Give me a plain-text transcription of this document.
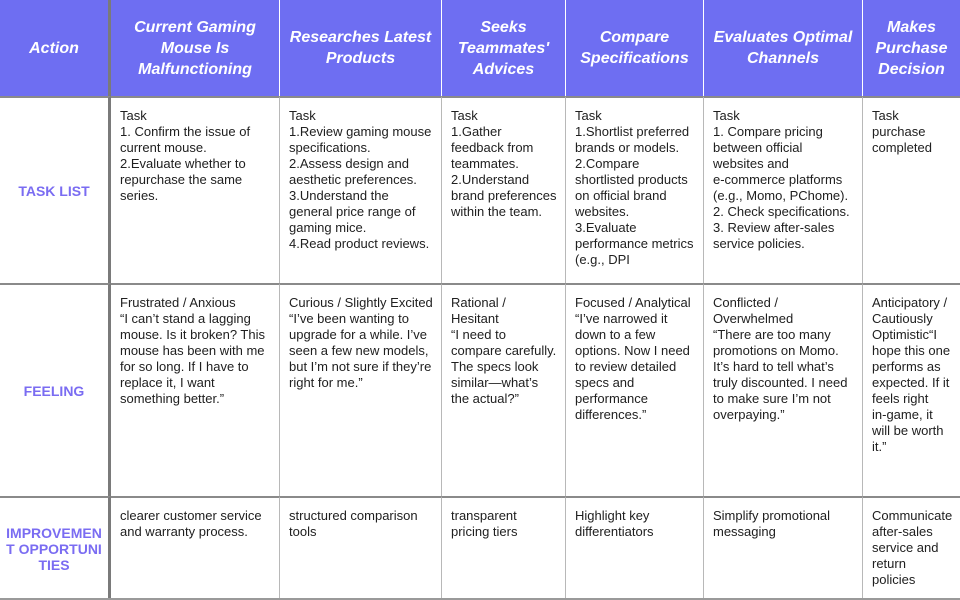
Action
Current Gaming
Mouse Is
Malfunctioning
Researches Latest
Products
Seeks
Teammates'
Advices
Compare
Specifications
Evaluates Optimal
Channels
Makes
Purchase
Decision
TASK LIST
Task
1. Confirm the issue of current mouse.
2.Evaluate whether to repurchase the same series.
Task
1.Review gaming mouse specifications.
2.Assess design and aesthetic preferences.
3.Understand the general price range of gaming mice.
4.Read product reviews.
Task
1.Gather feedback from teammates.
2.Understand brand preferences within the team.
Task
1.Shortlist preferred brands or models.
2.Compare shortlisted products on official brand websites.
3.Evaluate performance metrics (e.g., DPI
Task
1. Compare pricing between official websites and
e-commerce platforms (e.g., Momo, PChome).
2. Check specifications.
3. Review after-sales service policies.
Task
purchase completed
FEELING
Frustrated / Anxious
“I can’t stand a lagging mouse. Is it broken? This mouse has been with me for so long. If I have to replace it, I want something better.”
Curious / Slightly Excited
“I’ve been wanting to upgrade for a while. I’ve seen a few new models, but I’m not sure if they’re right for me.”
Rational / Hesitant
“I need to compare carefully. The specs look similar—what’s the actual?”
Focused / Analytical
“I’ve narrowed it down to a few options. Now I need to review detailed specs and performance differences.”
Conflicted / Overwhelmed
“There are too many promotions on Momo. It’s hard to tell what’s truly discounted. I need to make sure I’m not overpaying.”
Anticipatory / Cautiously Optimistic“I hope this one performs as expected. If it feels right
in-game, it will be worth it.”
IMPROVEMENT OPPORTUNITIES
clearer customer service and warranty process.
structured comparison tools
transparent pricing tiers
Highlight key differentiators
Simplify promotional messaging
Communicate after-sales service and return policies
